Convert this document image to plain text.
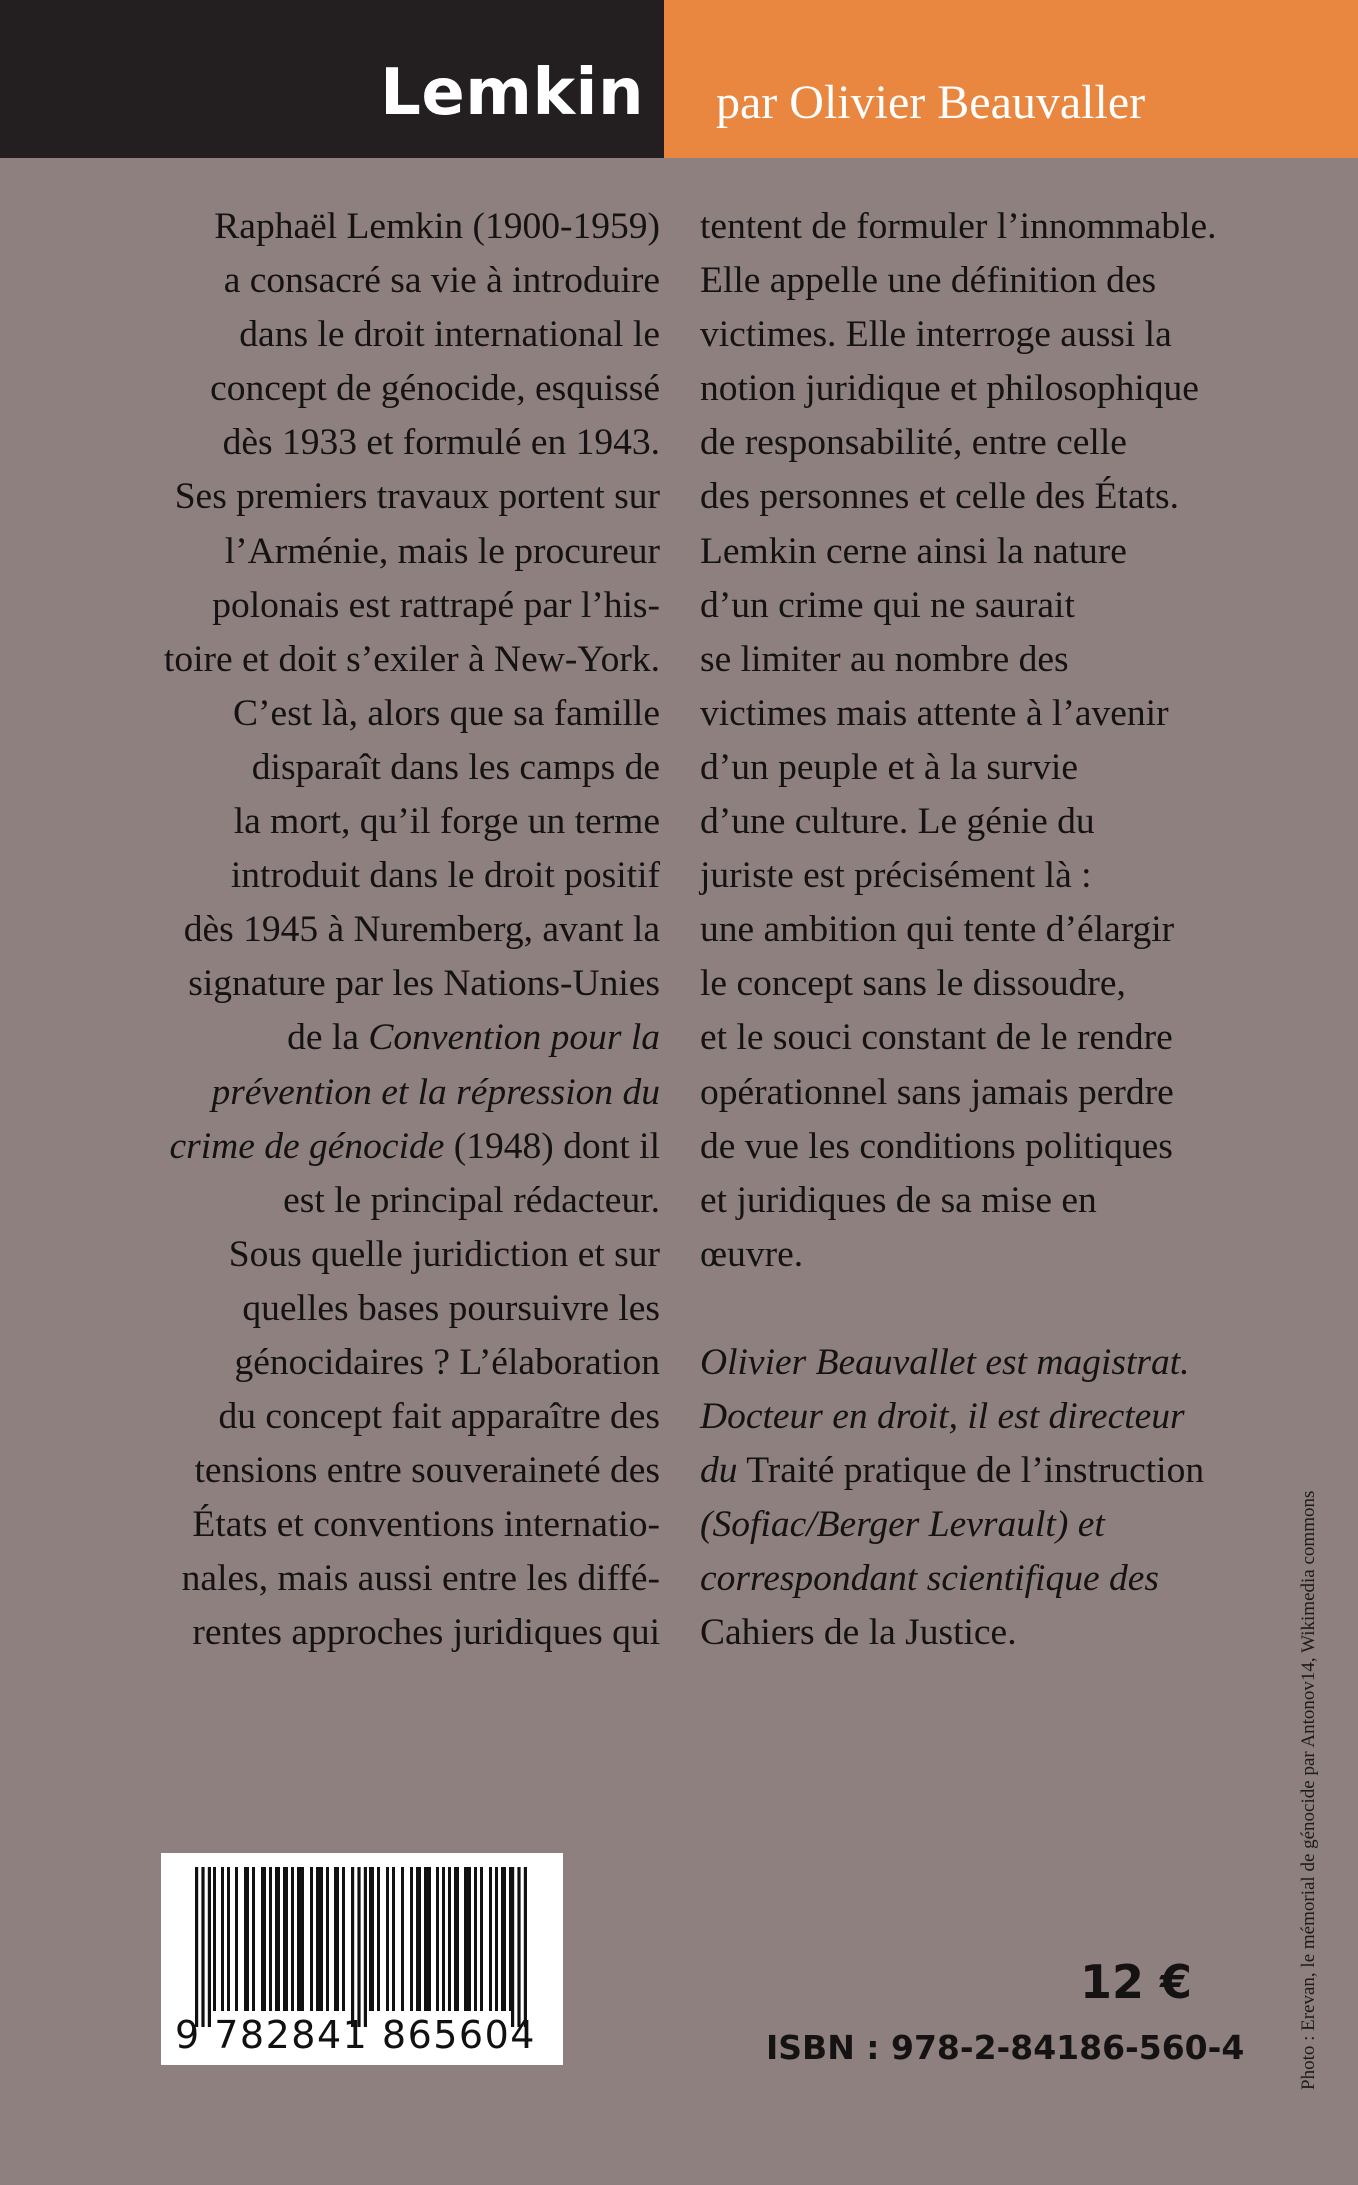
Lemkin par Olivier Beauvaller
Raphaël Lemkin (1900-1959)
a consacré sa vie à introduire
dans le droit international le
concept de génocide, esquissé
dès 1933 et formulé en 1943.
Ses premiers travaux portent sur
l’Arménie, mais le procureur
polonais est rattrapé par l’his-
toire et doit s’exiler à New-York.
C’est là, alors que sa famille
disparaît dans les camps de
la mort, qu’il forge un terme
introduit dans le droit positif
dès 1945 à Nuremberg, avant la
signature par les Nations-Unies
de la Convention pour la
prévention et la répression du
crime de génocide (1948) dont il
est le principal rédacteur.
Sous quelle juridiction et sur
quelles bases poursuivre les
génocidaires ? L’élaboration
du concept fait apparaître des
tensions entre souveraineté des
États et conventions internatio-
nales, mais aussi entre les diffé-
rentes approches juridiques qui
tentent de formuler l’innommable.
Elle appelle une définition des
victimes. Elle interroge aussi la
notion juridique et philosophique
de responsabilité, entre celle
des personnes et celle des États.
Lemkin cerne ainsi la nature
d’un crime qui ne saurait
se limiter au nombre des
victimes mais attente à l’avenir
d’un peuple et à la survie
d’une culture. Le génie du
juriste est précisément là :
une ambition qui tente d’élargir
le concept sans le dissoudre,
et le souci constant de le rendre
opérationnel sans jamais perdre
de vue les conditions politiques
et juridiques de sa mise en
œuvre.
Olivier Beauvallet est magistrat.
Docteur en droit, il est directeur
du Traité pratique de l’instruction
(Sofiac/Berger Levrault) et
correspondant scientifique des
Cahiers de la Justice.
9 782841 865604
12 €
ISBN : 978-2-84186-560-4	Photo : Erevan, le mémorial de génocide par Antonov14, Wikimedia commons
